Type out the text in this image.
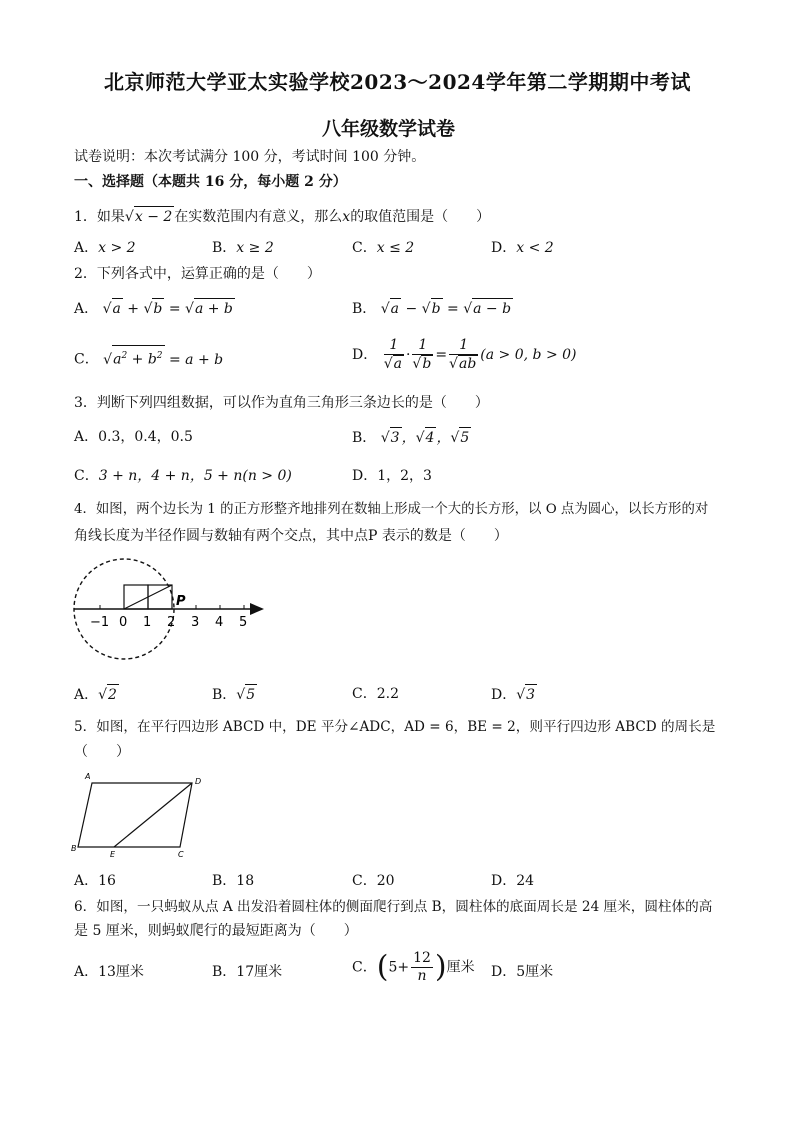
北京师范大学亚太实验学校2023～2024学年第二学期期中考试
八年级数学试卷
试卷说明：本次考试满分 100 分，考试时间 100 分钟。
一、选择题（本题共 16 分，每小题 2 分）
1．如果√x − 2 在实数范围内有意义，那么x的取值范围是（　　）
A．x > 2	B．x ≥ 2	C．x ≤ 2	D．x < 2
2．下列各式中，运算正确的是（　　）
A． √a + √b = √a + b	B． √a − √b = √a − b
C． $√a^2 + b^2 = a + b$	D． $\frac{1}{√a} \cdot \frac{1}{√b} = \frac{1}{√ab} (a > 0$, b > 0)
3．判断下列四组数据，可以作为直角三角形三条边长的是（　　）
A．0.3，0.4，0.5	B． √3 ，√4 ，√5
C．3 + n，4 + n，5 + n(n > 0)	D．1，2，3
4．如图，两个边长为 1 的正方形整齐地排列在数轴上形成一个大的长方形，以 O 点为圆心，以长方形的对
角线长度为半径作圆与数轴有两个交点，其中点P 表示的数是（　　）
P
−1 0 1 2 3 4 5
A．√2	B．√5	C．2.2	D．√3
5．如图，在平行四边形 ABCD 中，DE 平分∠ADC，AD = 6，BE = 2，则平行四边形 ABCD 的周长是
（　　）
A
D
B
E	C
A．16	B．18	C．20	D．24
6．如图，一只蚂蚁从点 A 出发沿着圆柱体的侧面爬行到点 B，圆柱体的底面周长是 24 厘米，圆柱体的高
是 5 厘米，则蚂蚁爬行的最短距离为（　　）
A．13厘米	B．17厘米	C．($5+ \frac{12}{n}$ )厘米 D．5厘米
